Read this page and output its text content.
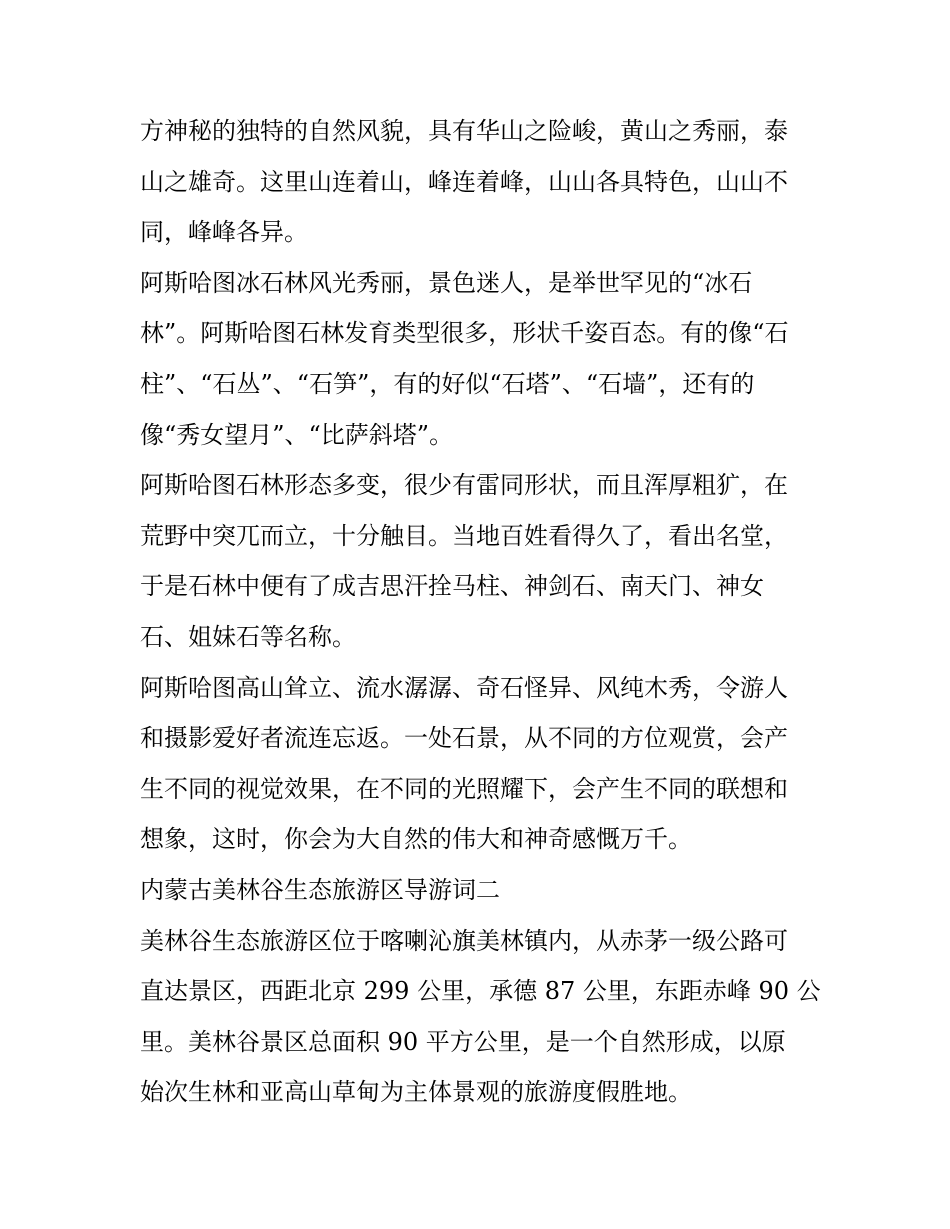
方神秘的独特的自然风貌，具有华山之险峻，黄山之秀丽，泰
山之雄奇。这里山连着山，峰连着峰，山山各具特色，山山不
同，峰峰各异。
阿斯哈图冰石林风光秀丽，景色迷人，是举世罕见的“冰石
林”。阿斯哈图石林发育类型很多，形状千姿百态。有的像“石
柱”、“石丛”、“石笋”，有的好似“石塔”、“石墙”，还有的
像“秀女望月”、“比萨斜塔”。
阿斯哈图石林形态多变，很少有雷同形状，而且浑厚粗犷，在
荒野中突兀而立，十分触目。当地百姓看得久了，看出名堂，
于是石林中便有了成吉思汗拴马柱、神剑石、南天门、神女
石、姐妹石等名称。
阿斯哈图高山耸立、流水潺潺、奇石怪异、风纯木秀，令游人
和摄影爱好者流连忘返。一处石景，从不同的方位观赏，会产
生不同的视觉效果，在不同的光照耀下，会产生不同的联想和
想象，这时，你会为大自然的伟大和神奇感慨万千。
内蒙古美林谷生态旅游区导游词二
美林谷生态旅游区位于喀喇沁旗美林镇内，从赤茅一级公路可
直达景区，西距北京 299 公里，承德 87 公里，东距赤峰 90 公
里。美林谷景区总面积 90 平方公里，是一个自然形成，以原
始次生林和亚高山草甸为主体景观的旅游度假胜地。
